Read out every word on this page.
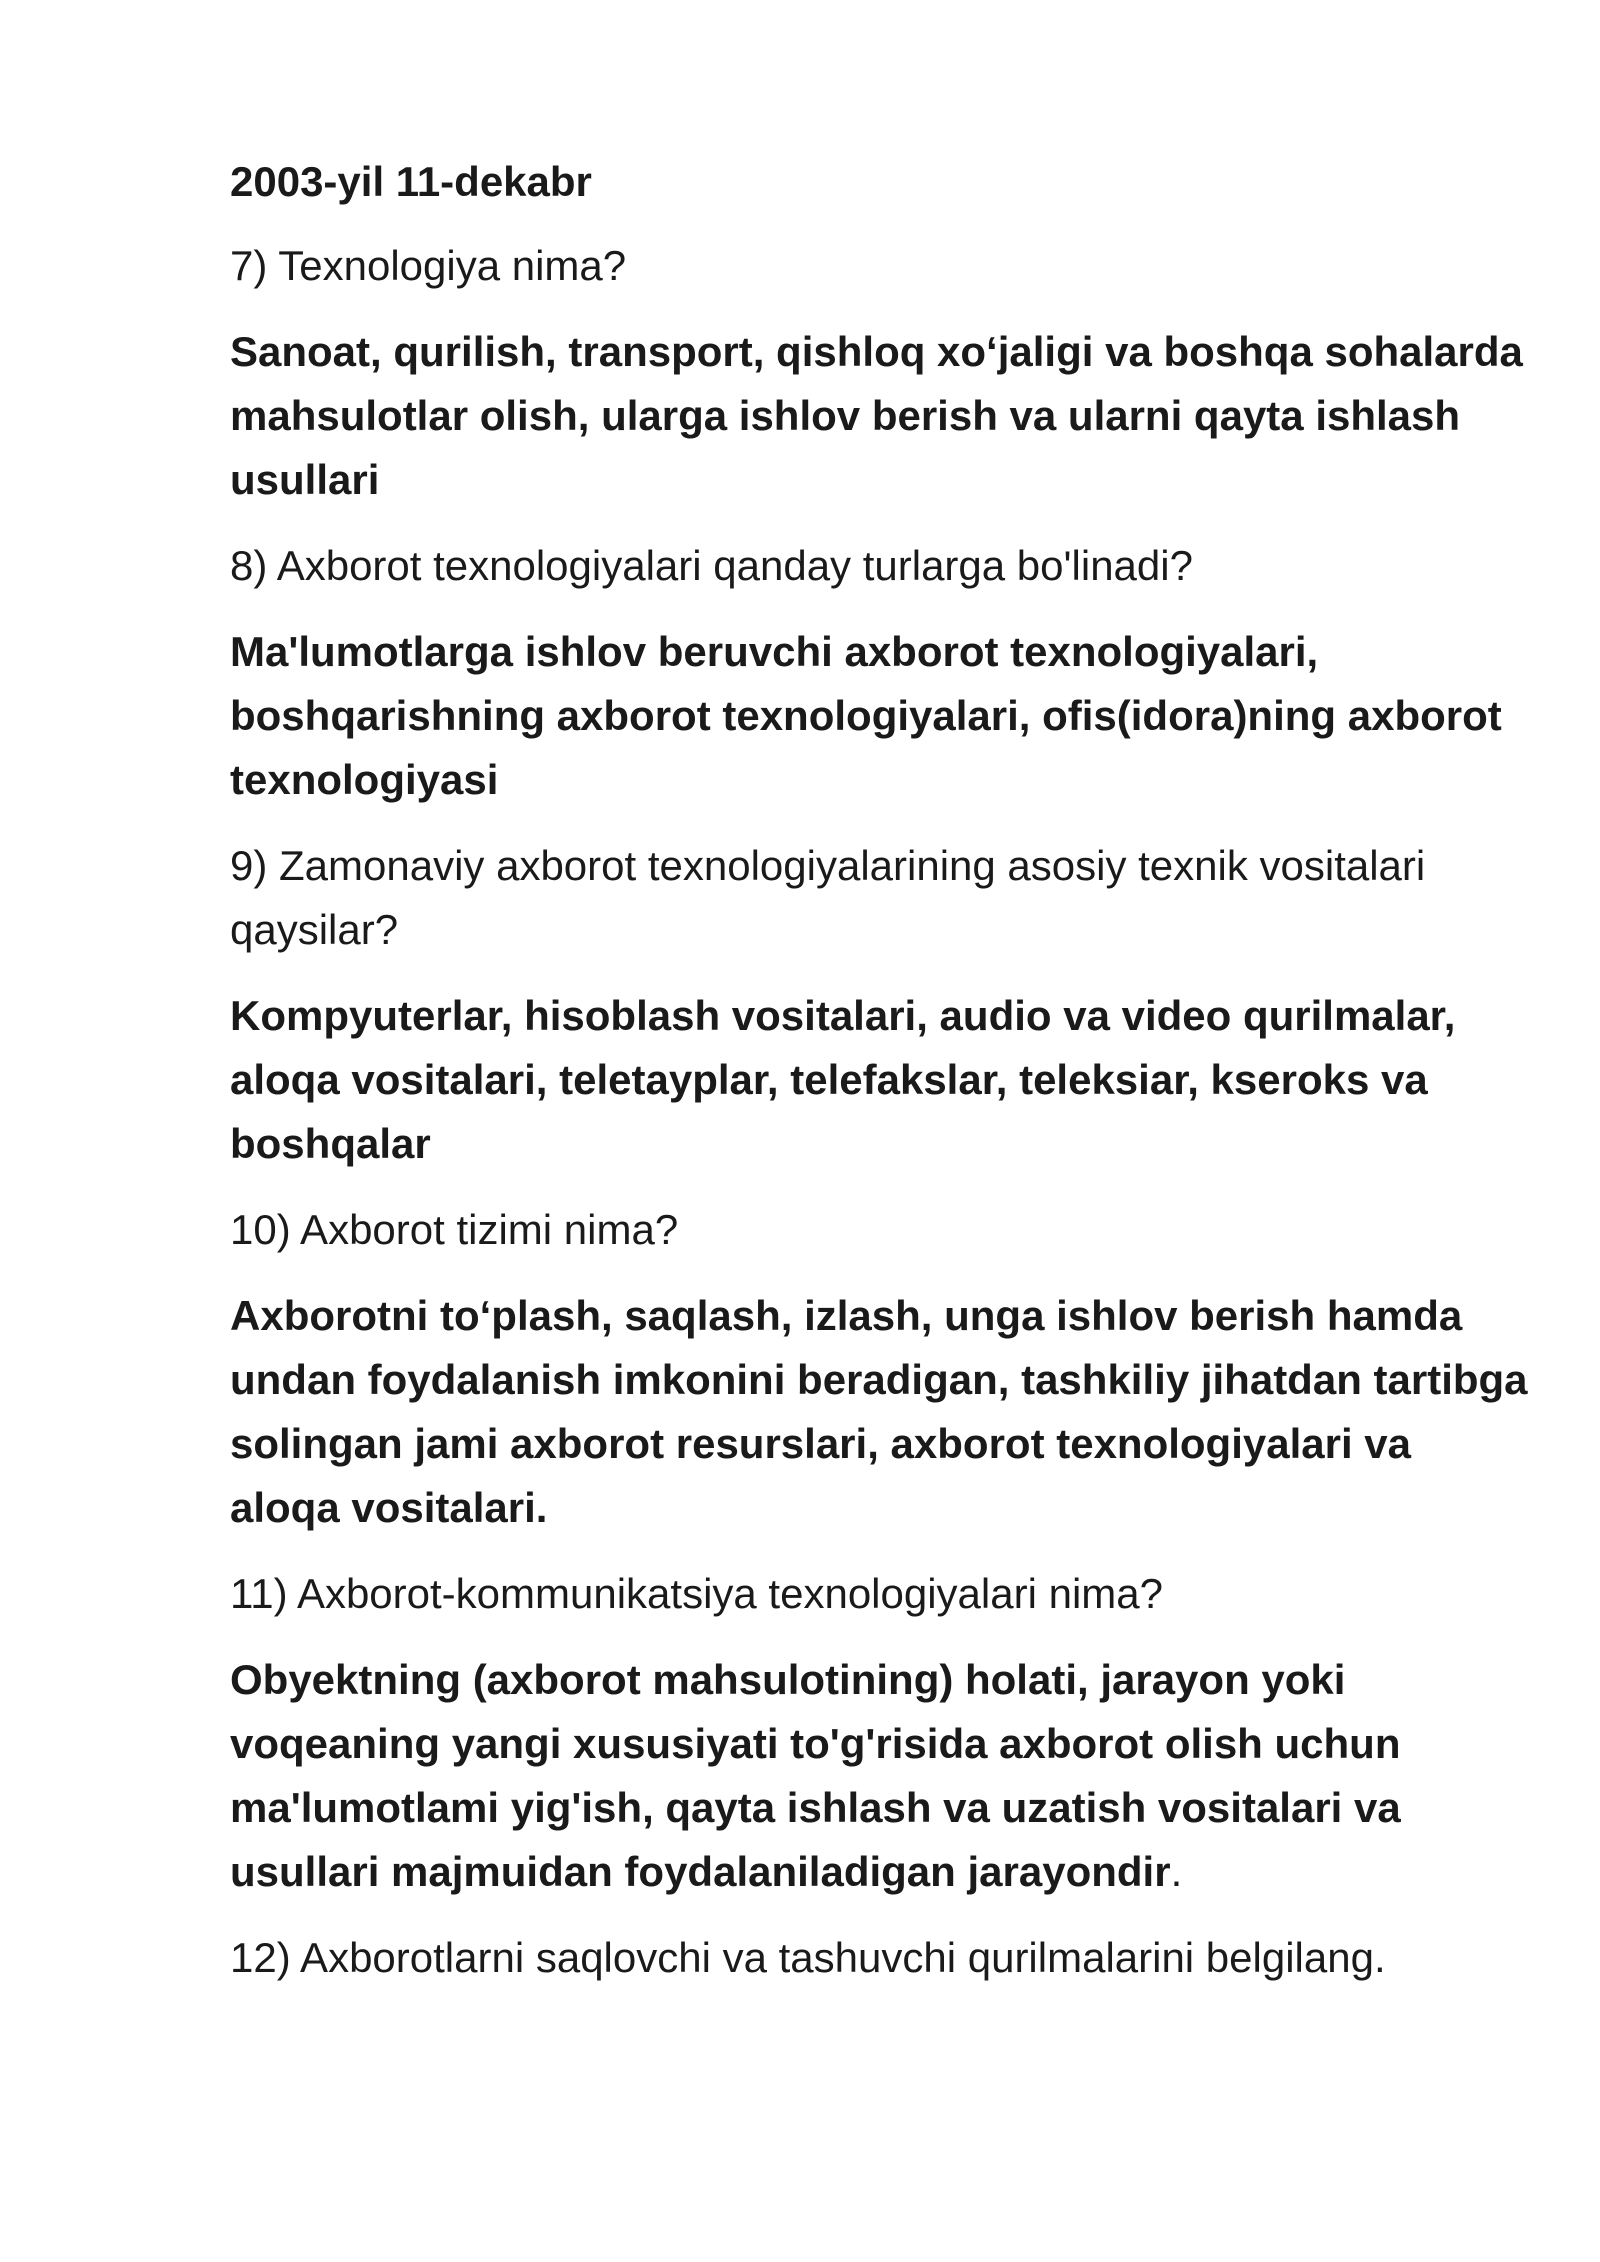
2003-yil 11-dekabr

7) Texnologiya nima?

Sanoat, qurilish, transport, qishloq xo‘jaligi va boshqa sohalarda mahsulotlar olish, ularga ishlov berish va ularni qayta ishlash usullari

8) Axborot texnologiyalari qanday turlarga bo'linadi?

Ma'lumotlarga ishlov beruvchi axborot texnologiyalari, boshqarishning axborot texnologiyalari, ofis(idora)ning axborot texnologiyasi

9) Zamonaviy axborot texnologiyalarining asosiy texnik vositalari qaysilar?

Kompyuterlar, hisoblash vositalari, audio va video qurilmalar, aloqa vositalari, teletayplar, telefakslar, teleksiar, kseroks va boshqalar

10) Axborot tizimi nima?

Axborotni to‘plash, saqlash, izlash, unga ishlov berish hamda undan foydalanish imkonini beradigan, tashkiliy jihatdan tartibga solingan jami axborot resurslari, axborot texnologiyalari va aloqa vositalari.

11) Axborot-kommunikatsiya texnologiyalari nima?

Obyektning (axborot mahsulotining) holati, jarayon yoki voqeaning yangi xususiyati to'g'risida axborot olish uchun ma'lumotlami yig'ish, qayta ishlash va uzatish vositalari va usullari majmuidan foydalaniladigan jarayondir.

12) Axborotlarni saqlovchi va tashuvchi qurilmalarini belgilang.
